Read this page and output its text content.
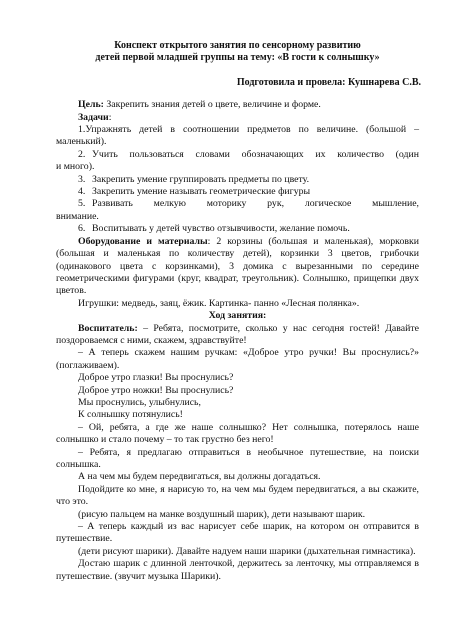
Конспект открытого занятия по сенсорному развитию
детей первой младшей группы на тему: «В гости к солнышку»
Подготовила и провела: Кушнарева С.В.

Цель: Закрепить знания детей о цвете, величине и форме.

Задачи:

1.Упражнять детей в соотношении предметов по величине. (большой –

маленький).

2. Учить пользоваться словами обозначающих их количество (один

и много).

3. Закрепить умение группировать предметы по цвету.
4. Закрепить умение называть геометрические фигуры
5. Развивать мелкую моторику рук, логическое мышление,

внимание.

6. Воспитывать у детей чувство отзывчивости, желание помочь.

Оборудование и материалы: 2 корзины (большая и маленькая), морковки (большая и маленькая по количеству детей), корзинки 3 цветов, грибочки (одинакового цвета с корзинками), 3 домика с вырезанными по середине геометрическими фигурами (круг, квадрат, треугольник). Солнышко, прищепки двух цветов.

Игрушки: медведь, заяц, ёжик. Картинка- панно «Лесная полянка».

Ход занятия:

Воспитатель: – Ребята, посмотрите, сколько у нас сегодня гостей! Давайте поздороваемся с ними, скажем, здравствуйте!

– А теперь скажем нашим ручкам: «Доброе утро ручки! Вы проснулись?» (поглаживаем).

Доброе утро глазки! Вы проснулись?

Доброе утро ножки! Вы проснулись?

Мы проснулись, улыбнулись,

К солнышку потянулись!

– Ой, ребята, а где же наше солнышко? Нет солнышка, потерялось наше солнышко и стало почему – то так грустно без него!

– Ребята, я предлагаю отправиться в необычное путешествие, на поиски солнышка.

А на чем мы будем передвигаться, вы должны догадаться.

Подойдите ко мне, я нарисую то, на чем мы будем передвигаться, а вы скажите, что это.

(рисую пальцем на манке воздушный шарик), дети называют шарик.

– А теперь каждый из вас нарисует себе шарик, на котором он отправится в путешествие.

(дети рисуют шарики). Давайте надуем наши шарики (дыхательная гимнастика).

Достаю шарик с длинной ленточкой, держитесь за ленточку, мы отправляемся в путешествие. (звучит музыка Шарики).
